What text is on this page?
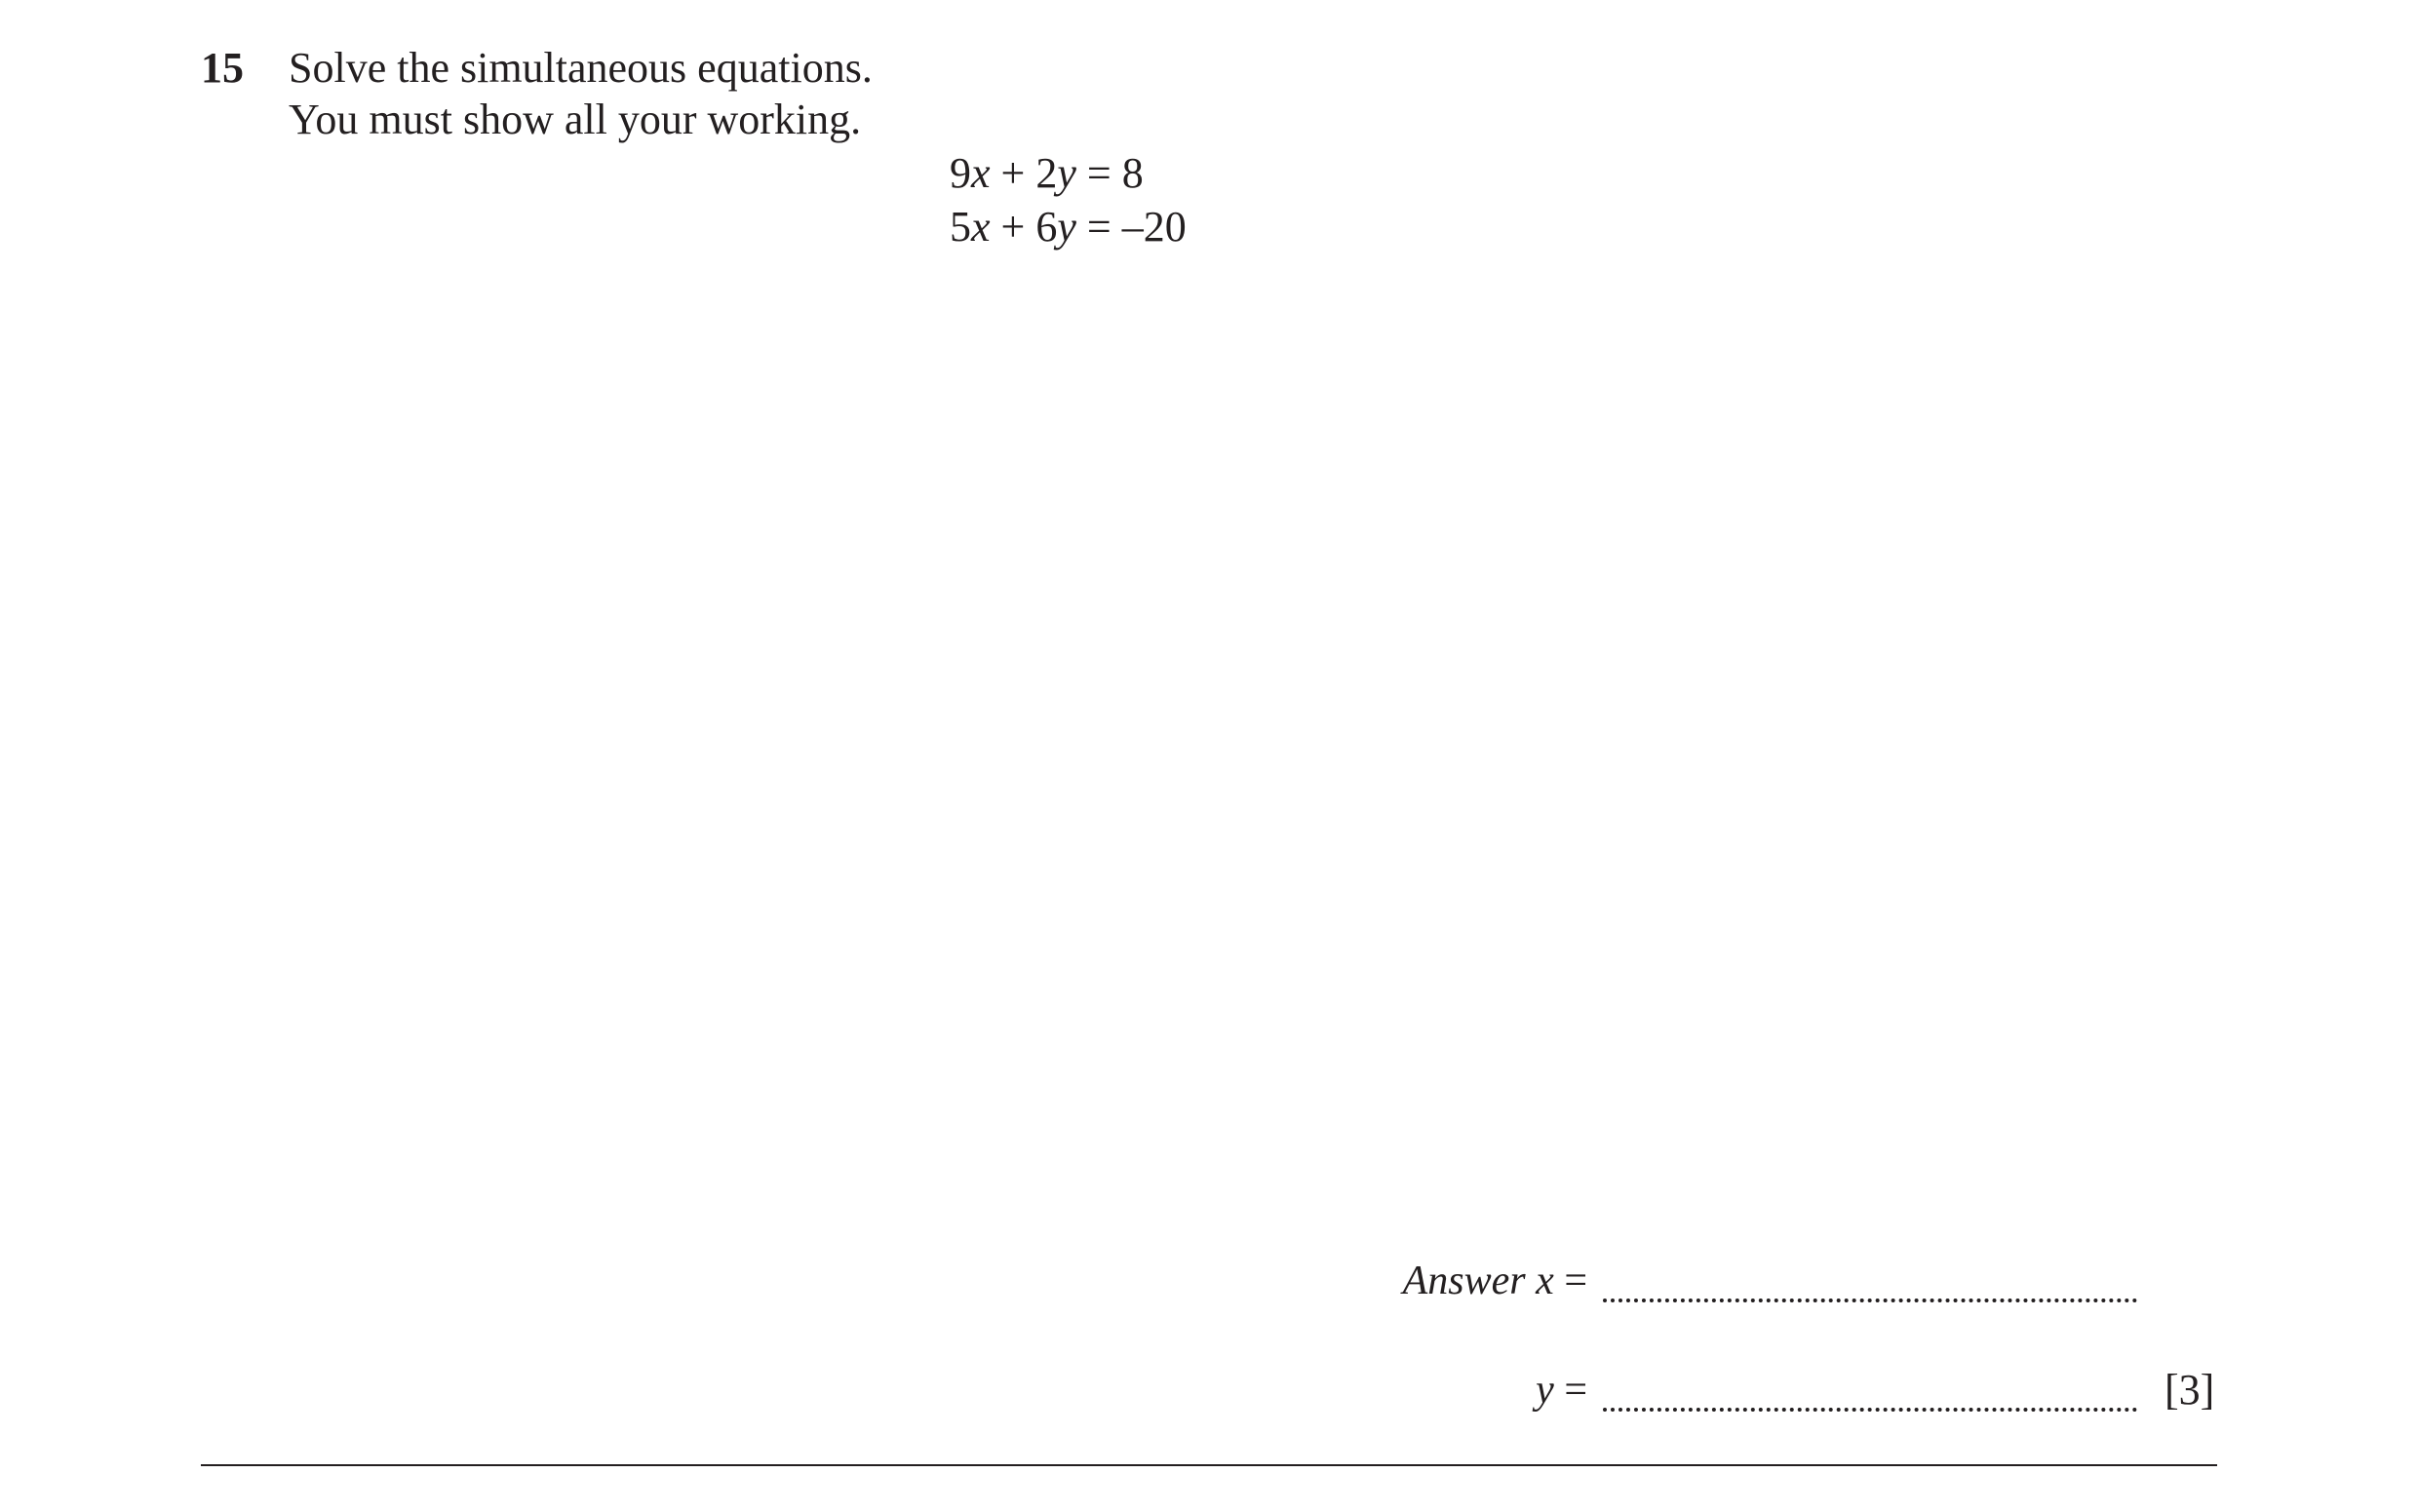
15 Solve the simultaneous equations.
You must show all your working.
9x + 2y = 8
5x + 6y = –20
Answer x =
y =	[3]
